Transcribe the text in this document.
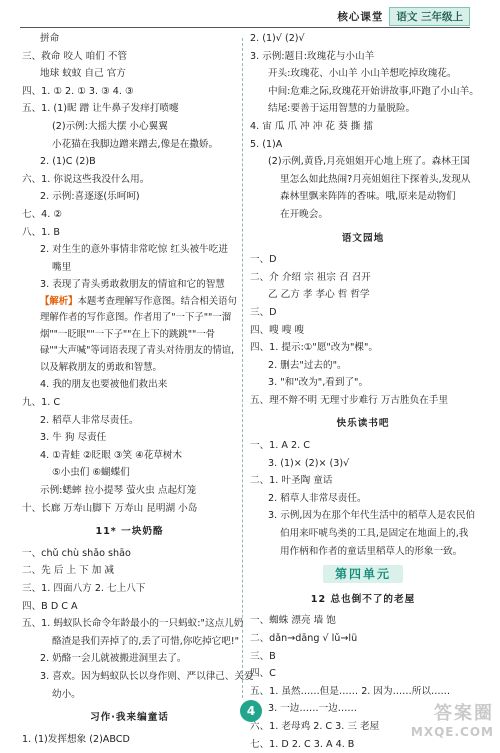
核心课堂	语文 三年级上
拼命
三、救命 咬人 咱们 不管
地球 蚊蚊 自己 官方
四、1. ① 2. ① 3. ③ 4. ③
五、1. (1)昵 蹭 让牛鼻子发痒打喷嚏
(2)示例:大摇大摆 小心翼翼
小花猫在我脚边蹭来蹭去,像是在撒娇。
2. (1)C (2)B
六、1. 你说这些我没什么用。
2. 示例:喜逐逐(乐呵呵)
七、4. ②
八、1. B
2. 对生生的意外事情非常吃惊 红头被牛吃进
嘴里
3. 表现了青头勇敢救朋友的情谊和它的智慧
【解析】本题考查理解写作意图。结合相关语句理解作者的写作意图。作者用了"一下子""一溜烟""一眨眼""一下子""在上下的跳跳""一骨碌""大声喊"等词语表现了青头对待朋友的情谊,以及解救朋友的勇敢和智慧。
4. 我的朋友也要被他们救出来
九、1. C
2. 稻草人非常尽责任。
3. 牛 狗 尽责任
4. ①青蛙 ②眨眼 ③笑 ④花草树木
⑤小虫们 ⑥蝴蝶们
示例:蟋蟀 拉小提琴 萤火虫 点起灯笼
十、长廊 万寿山脚下 万寿山 昆明湖 小岛
11* 一块奶酪
一、chǔ chù shǎo shāo
二、先 后 上 下 加 减
三、1. 四面八方 2. 七上八下
四、B D C A
五、1. 蚂蚁队长命令年龄最小的一只蚂蚁:"这点儿奶
酪渣是我们弄掉了的,丢了可惜,你吃掉它吧!"
2. 奶酪一会儿就被搬进洞里去了。
3. 喜欢。因为蚂蚁队长以身作则、严以律己、关爱
幼小。
习作·我来编童话
1. (1)发挥想象 (2)ABCD
2. (1)√ (2)√
3. 示例:题目:玫瑰花与小山羊
开头:玫瑰花、小山羊 小山羊想吃掉玫瑰花。
中间:危难之际,玫瑰花开始讲故事,吓跑了小山羊。
结尾:要善于运用智慧的力量脱险。
4. 宙 瓜 爪 冲 冲 花 葵 撕 擂
5. (1)A
(2)示例,黄昏,月亮姐姐开心地上班了。森林王国
里怎么如此热闹?月亮姐姐往下探着头,发现从
森林里飘来阵阵的香味。哦,原来是动物们
在开晚会。
语文园地
一、D
二、介 介绍 宗 祖宗 召 召开
乙 乙方 孝 孝心 哲 哲学
三、D
四、嗖 嗖 嗖
四、1. 提示:①"愿"改为"棵"。
2. 删去"过去的"。
3. "和"改为",看到了"。
五、理不辩不明 无理寸步难行 万古胜负在手里
快乐读书吧
一、1. A 2. C
3. (1)× (2)× (3)√
二、1. 叶圣陶 童话
2. 稻草人非常尽责任。
3. 示例,因为在那个年代生活中的稻草人是农民伯
伯用来吓唬鸟类的工具,是固定在地面上的,我
用作柄和作者的童话里稻草人的形象一致。
第四单元
12 总也倒不了的老屋
一、蜘蛛 漂亮 墙 饱
二、dǎn→dāng √ lǔ→lü
三、B
四、C
五、1. 虽然……但是…… 2. 因为……所以……
3. 一边……一边……
六、1. 老母鸡 2. C 3. 三 老屋
七、1. D 2. C 3. A 4. B
4	答案圈
MXQE.COM
